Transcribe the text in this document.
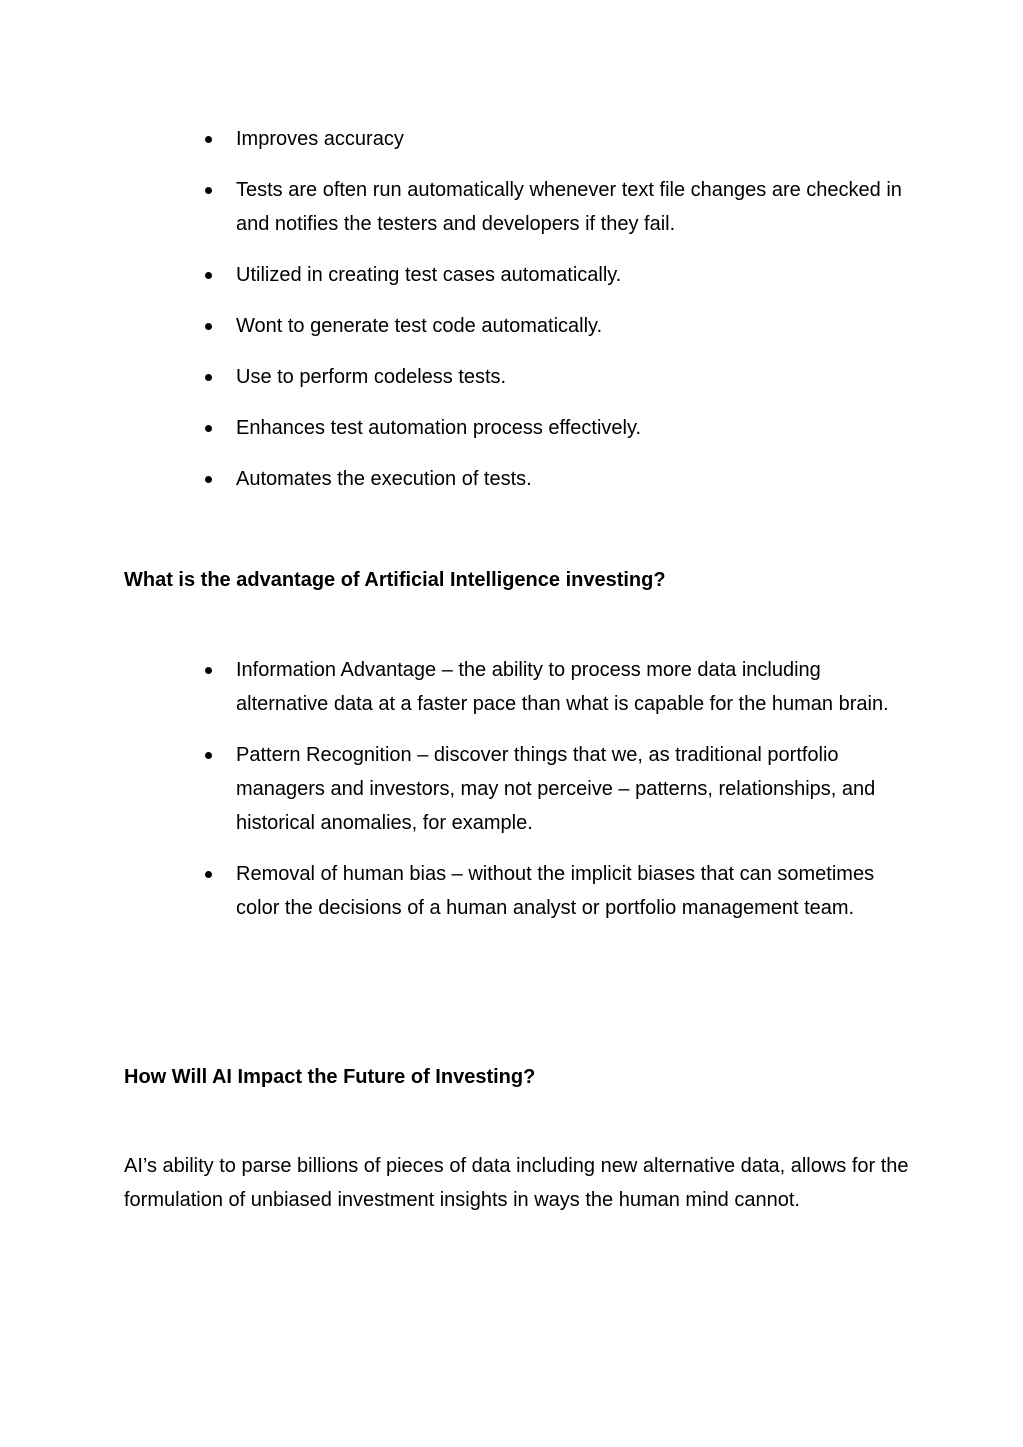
Improves accuracy
Tests are often run automatically whenever text file changes are checked in and notifies the testers and developers if they fail.
Utilized in creating test cases automatically.
Wont to generate test code automatically.
Use to perform codeless tests.
Enhances test automation process effectively.
Automates the execution of tests.
What is the advantage of Artificial Intelligence investing?
Information Advantage – the ability to process more data including alternative data at a faster pace than what is capable for the human brain.
Pattern Recognition – discover things that we, as traditional portfolio managers and investors, may not perceive – patterns, relationships, and historical anomalies, for example.
Removal of human bias – without the implicit biases that can sometimes color the decisions of a human analyst or portfolio management team.
How Will AI Impact the Future of Investing?

AI’s ability to parse billions of pieces of data including new alternative data, allows for the formulation of unbiased investment insights in ways the human mind cannot.
